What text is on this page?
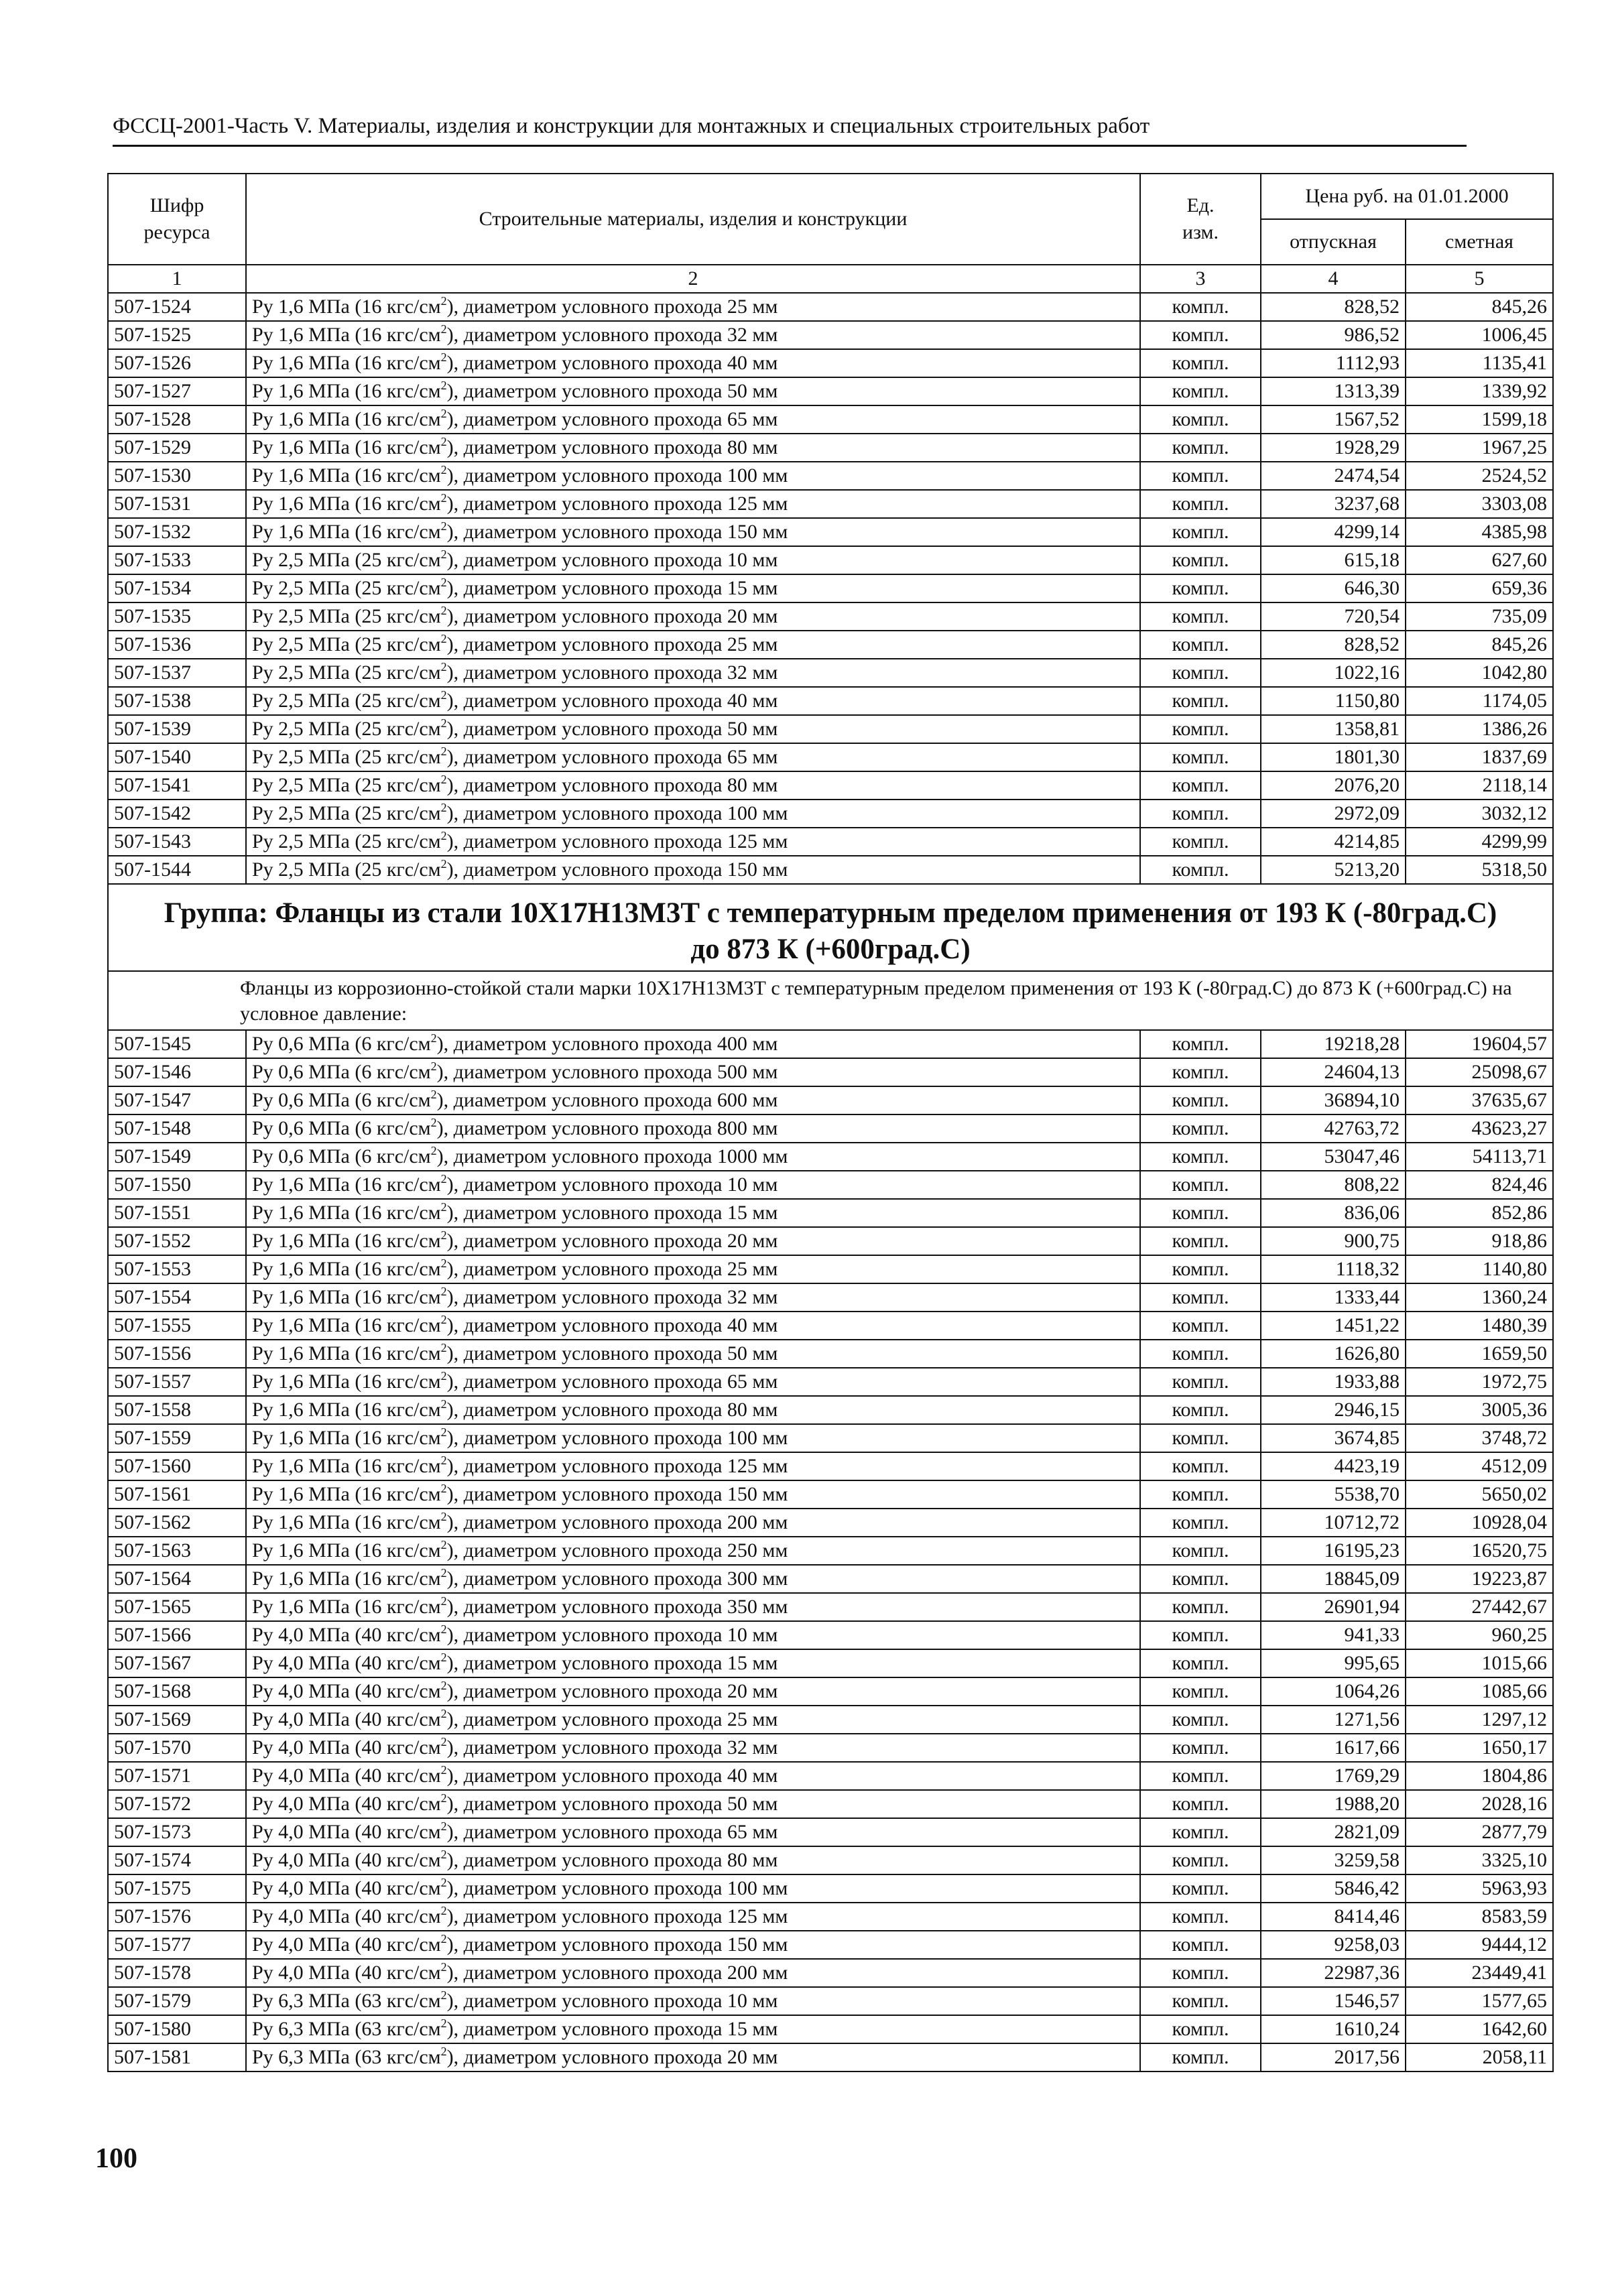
ФССЦ-2001-Часть V. Материалы, изделия и конструкции для монтажных и специальных строительных работ
Шифр ресурса	Строительные материалы, изделия и конструкции	Ед. изм.	Цена руб. на 01.01.2000	
			отпускная	сметная
1	2	3	4	5
507-1524	Ру 1,6 МПа (16 кгс/$см^2$), диаметром условного прохода 25 мм	компл.	828,52	845,26
507-1525	Ру 1,6 МПа (16 кгс/$см^2$), диаметром условного прохода 32 мм	компл.	986,52	1006,45
507-1526	Ру 1,6 МПа (16 кгс/$см^2$), диаметром условного прохода 40 мм	компл.	1112,93	1135,41
507-1527	Ру 1,6 МПа (16 кгс/$см^2$), диаметром условного прохода 50 мм	компл.	1313,39	1339,92
507-1528	Ру 1,6 МПа (16 кгс/$см^2$), диаметром условного прохода 65 мм	компл.	1567,52	1599,18
507-1529	Ру 1,6 МПа (16 кгс/$см^2$), диаметром условного прохода 80 мм	компл.	1928,29	1967,25
507-1530	Ру 1,6 МПа (16 кгс/$см^2$), диаметром условного прохода 100 мм	компл.	2474,54	2524,52
507-1531	Ру 1,6 МПа (16 кгс/$см^2$), диаметром условного прохода 125 мм	компл.	3237,68	3303,08
507-1532	Ру 1,6 МПа (16 кгс/$см^2$), диаметром условного прохода 150 мм	компл.	4299,14	4385,98
507-1533	Ру 2,5 МПа (25 кгс/$см^2$), диаметром условного прохода 10 мм	компл.	615,18	627,60
507-1534	Ру 2,5 МПа (25 кгс/$см^2$), диаметром условного прохода 15 мм	компл.	646,30	659,36
507-1535	Ру 2,5 МПа (25 кгс/$см^2$), диаметром условного прохода 20 мм	компл.	720,54	735,09
507-1536	Ру 2,5 МПа (25 кгс/$см^2$), диаметром условного прохода 25 мм	компл.	828,52	845,26
507-1537	Ру 2,5 МПа (25 кгс/$см^2$), диаметром условного прохода 32 мм	компл.	1022,16	1042,80
507-1538	Ру 2,5 МПа (25 кгс/$см^2$), диаметром условного прохода 40 мм	компл.	1150,80	1174,05
507-1539	Ру 2,5 МПа (25 кгс/$см^2$), диаметром условного прохода 50 мм	компл.	1358,81	1386,26
507-1540	Ру 2,5 МПа (25 кгс/$см^2$), диаметром условного прохода 65 мм	компл.	1801,30	1837,69
507-1541	Ру 2,5 МПа (25 кгс/$см^2$), диаметром условного прохода 80 мм	компл.	2076,20	2118,14
507-1542	Ру 2,5 МПа (25 кгс/$см^2$), диаметром условного прохода 100 мм	компл.	2972,09	3032,12
507-1543	Ру 2,5 МПа (25 кгс/$см^2$), диаметром условного прохода 125 мм	компл.	4214,85	4299,99
507-1544	Ру 2,5 МПа (25 кгс/$см^2$), диаметром условного прохода 150 мм	компл.	5213,20	5318,50
Группа: Фланцы из стали 10Х17Н13М3Т с температурным пределом применения от 193 К (-80град.С) до 873 К (+600град.С)				
Фланцы из коррозионно-стойкой стали марки 10Х17Н13М3Т с температурным пределом применения от 193 К (-80град.С) до 873 К (+600град.С) на условное давление:				
507-1545	Ру 0,6 МПа (6 кгс/$см^2$), диаметром условного прохода 400 мм	компл.	19218,28	19604,57
507-1546	Ру 0,6 МПа (6 кгс/$см^2$), диаметром условного прохода 500 мм	компл.	24604,13	25098,67
507-1547	Ру 0,6 МПа (6 кгс/$см^2$), диаметром условного прохода 600 мм	компл.	36894,10	37635,67
507-1548	Ру 0,6 МПа (6 кгс/$см^2$), диаметром условного прохода 800 мм	компл.	42763,72	43623,27
507-1549	Ру 0,6 МПа (6 кгс/$см^2$), диаметром условного прохода 1000 мм	компл.	53047,46	54113,71
507-1550	Ру 1,6 МПа (16 кгс/$см^2$), диаметром условного прохода 10 мм	компл.	808,22	824,46
507-1551	Ру 1,6 МПа (16 кгс/$см^2$), диаметром условного прохода 15 мм	компл.	836,06	852,86
507-1552	Ру 1,6 МПа (16 кгс/$см^2$), диаметром условного прохода 20 мм	компл.	900,75	918,86
507-1553	Ру 1,6 МПа (16 кгс/$см^2$), диаметром условного прохода 25 мм	компл.	1118,32	1140,80
507-1554	Ру 1,6 МПа (16 кгс/$см^2$), диаметром условного прохода 32 мм	компл.	1333,44	1360,24
507-1555	Ру 1,6 МПа (16 кгс/$см^2$), диаметром условного прохода 40 мм	компл.	1451,22	1480,39
507-1556	Ру 1,6 МПа (16 кгс/$см^2$), диаметром условного прохода 50 мм	компл.	1626,80	1659,50
507-1557	Ру 1,6 МПа (16 кгс/$см^2$), диаметром условного прохода 65 мм	компл.	1933,88	1972,75
507-1558	Ру 1,6 МПа (16 кгс/$см^2$), диаметром условного прохода 80 мм	компл.	2946,15	3005,36
507-1559	Ру 1,6 МПа (16 кгс/$см^2$), диаметром условного прохода 100 мм	компл.	3674,85	3748,72
507-1560	Ру 1,6 МПа (16 кгс/$см^2$), диаметром условного прохода 125 мм	компл.	4423,19	4512,09
507-1561	Ру 1,6 МПа (16 кгс/$см^2$), диаметром условного прохода 150 мм	компл.	5538,70	5650,02
507-1562	Ру 1,6 МПа (16 кгс/$см^2$), диаметром условного прохода 200 мм	компл.	10712,72	10928,04
507-1563	Ру 1,6 МПа (16 кгс/$см^2$), диаметром условного прохода 250 мм	компл.	16195,23	16520,75
507-1564	Ру 1,6 МПа (16 кгс/$см^2$), диаметром условного прохода 300 мм	компл.	18845,09	19223,87
507-1565	Ру 1,6 МПа (16 кгс/$см^2$), диаметром условного прохода 350 мм	компл.	26901,94	27442,67
507-1566	Ру 4,0 МПа (40 кгс/$см^2$), диаметром условного прохода 10 мм	компл.	941,33	960,25
507-1567	Ру 4,0 МПа (40 кгс/$см^2$), диаметром условного прохода 15 мм	компл.	995,65	1015,66
507-1568	Ру 4,0 МПа (40 кгс/$см^2$), диаметром условного прохода 20 мм	компл.	1064,26	1085,66
507-1569	Ру 4,0 МПа (40 кгс/$см^2$), диаметром условного прохода 25 мм	компл.	1271,56	1297,12
507-1570	Ру 4,0 МПа (40 кгс/$см^2$), диаметром условного прохода 32 мм	компл.	1617,66	1650,17
507-1571	Ру 4,0 МПа (40 кгс/$см^2$), диаметром условного прохода 40 мм	компл.	1769,29	1804,86
507-1572	Ру 4,0 МПа (40 кгс/$см^2$), диаметром условного прохода 50 мм	компл.	1988,20	2028,16
507-1573	Ру 4,0 МПа (40 кгс/$см^2$), диаметром условного прохода 65 мм	компл.	2821,09	2877,79
507-1574	Ру 4,0 МПа (40 кгс/$см^2$), диаметром условного прохода 80 мм	компл.	3259,58	3325,10
507-1575	Ру 4,0 МПа (40 кгс/$см^2$), диаметром условного прохода 100 мм	компл.	5846,42	5963,93
507-1576	Ру 4,0 МПа (40 кгс/$см^2$), диаметром условного прохода 125 мм	компл.	8414,46	8583,59
507-1577	Ру 4,0 МПа (40 кгс/$см^2$), диаметром условного прохода 150 мм	компл.	9258,03	9444,12
507-1578	Ру 4,0 МПа (40 кгс/$см^2$), диаметром условного прохода 200 мм	компл.	22987,36	23449,41
507-1579	Ру 6,3 МПа (63 кгс/$см^2$), диаметром условного прохода 10 мм	компл.	1546,57	1577,65
507-1580	Ру 6,3 МПа (63 кгс/$см^2$), диаметром условного прохода 15 мм	компл.	1610,24	1642,60
507-1581	Ру 6,3 МПа (63 кгс/$см^2$), диаметром условного прохода 20 мм	компл.	2017,56	2058,11
100
